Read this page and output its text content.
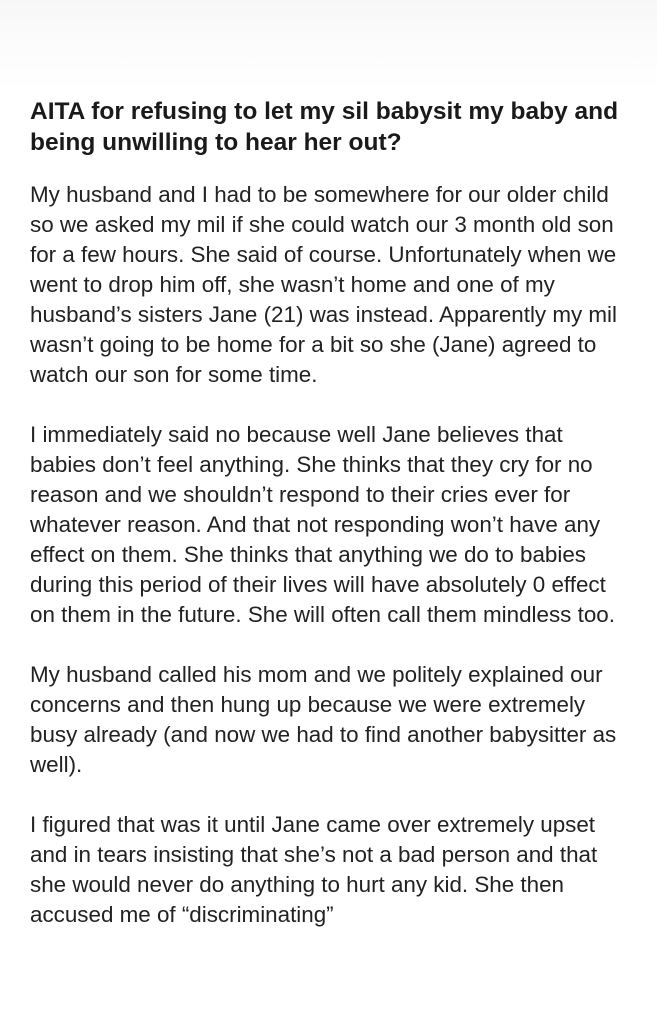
AITA for refusing to let my sil babysit my baby and being unwilling to hear her out?

My husband and I had to be somewhere for our older child so we asked my mil if she could watch our 3 month old son for a few hours. She said of course. Unfortunately when we went to drop him off, she wasn’t home and one of my husband’s sisters Jane (21) was instead. Apparently my mil wasn’t going to be home for a bit so she (Jane) agreed to watch our son for some time.

I immediately said no because well Jane believes that babies don’t feel anything. She thinks that they cry for no reason and we shouldn’t respond to their cries ever for whatever reason. And that not responding won’t have any effect on them. She thinks that anything we do to babies during this period of their lives will have absolutely 0 effect on them in the future. She will often call them mindless too.

My husband called his mom and we politely explained our concerns and then hung up because we were extremely busy already (and now we had to find another babysitter as well).

I figured that was it until Jane came over extremely upset and in tears insisting that she’s not a bad person and that she would never do anything to hurt any kid. She then accused me of “discriminating”
